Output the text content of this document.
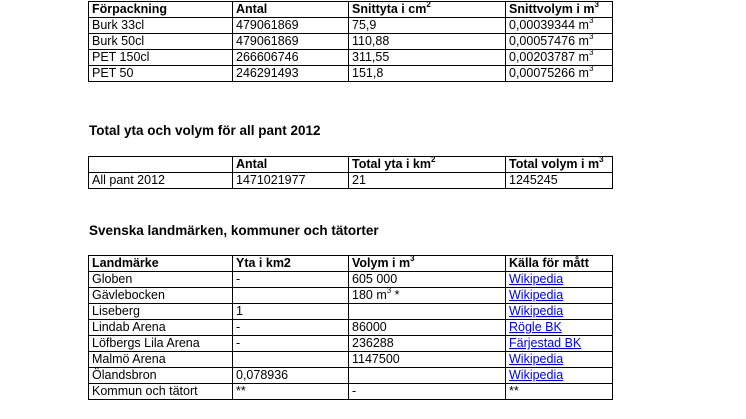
Förpackning	Antal	Snittyta i $cm^2$	Snittvolym i $m^3$
Burk 33cl	479061869	75,9	0,00039344 $m^3$
Burk 50cl	479061869	110,88	0,00057476 $m^3$
PET 150cl	266606746	311,55	0,00203787 $m^3$
PET 50	246291493	151,8	0,00075266 $m^3$
Total yta och volym för all pant 2012
	Antal	Total yta i $km^2$	Total volym i $m^3$
All pant 2012	1471021977	21	1245245
Svenska landmärken, kommuner och tätorter
Landmärke	Yta i km2	Volym i $m^3$	Källa för mått
Globen	-	605 000	Wikipedia
Gävlebocken		180 $m^3$ *	Wikipedia
Liseberg	1		Wikipedia
Lindab Arena	-	86000	Rögle BK
Löfbergs Lila Arena	-	236288	Färjestad BK
Malmö Arena		1147500	Wikipedia
Ölandsbron	0,078936		Wikipedia
Kommun och tätort	**	-	**
